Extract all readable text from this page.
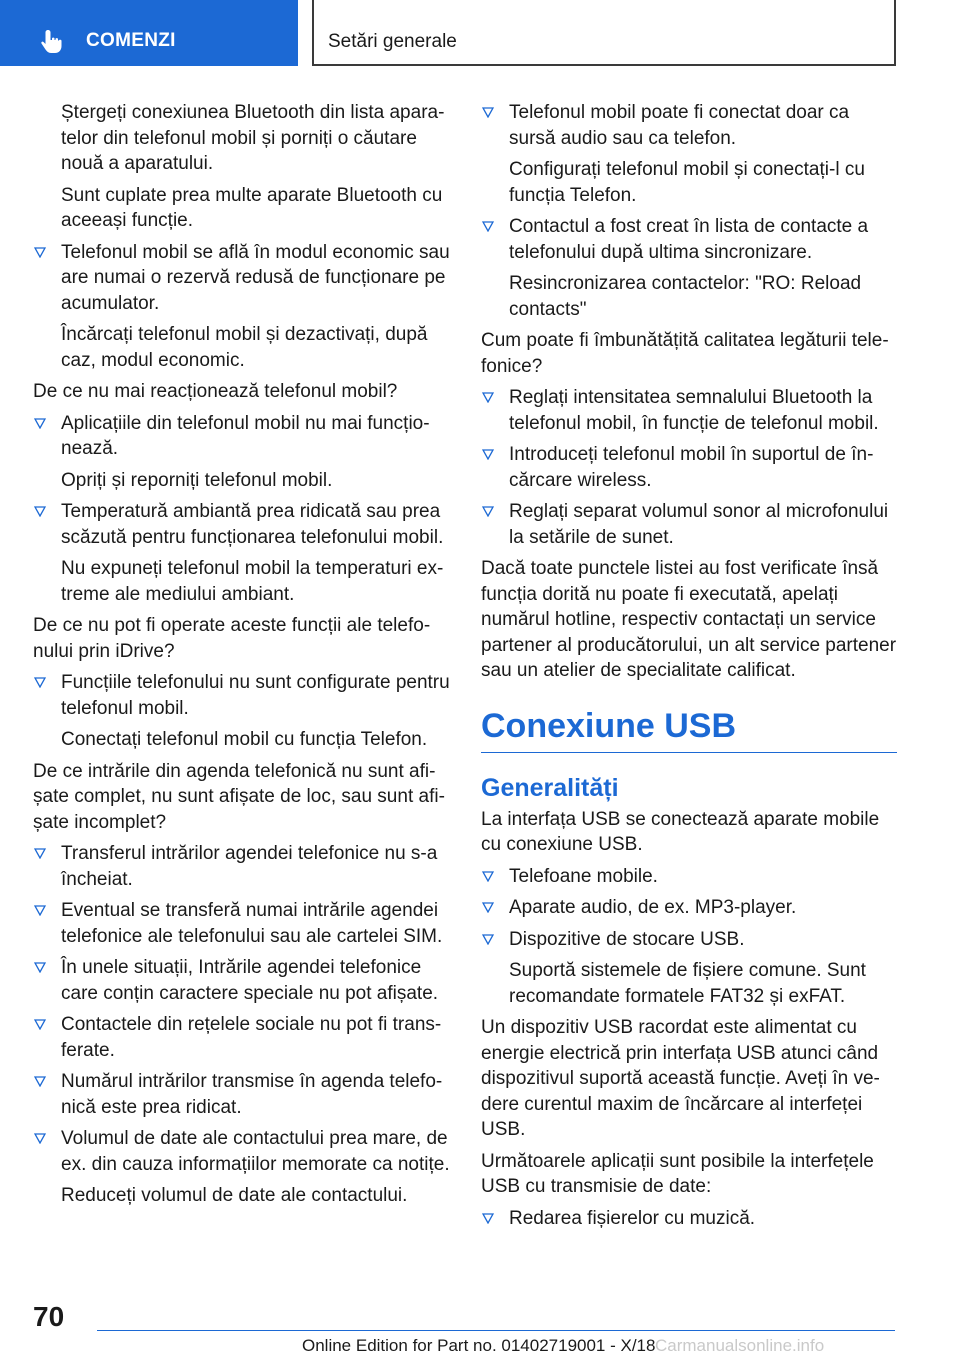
COMENZI	Setări generale
Ștergeți conexiunea Bluetooth din lista aparatelor din telefonul mobil și porniți o căutare nouă a aparatului.
Sunt cuplate prea multe aparate Bluetooth cu aceeași funcție.
Telefonul mobil se află în modul economic sau are numai o rezervă redusă de funcționare pe acumulator.
Încărcați telefonul mobil și dezactivați, după caz, modul economic.
De ce nu mai reacționează telefonul mobil?
Aplicațiile din telefonul mobil nu mai funcționează.
Opriți și reporniți telefonul mobil.
Temperatură ambiantă prea ridicată sau prea scăzută pentru funcționarea telefonului mobil.
Nu expuneți telefonul mobil la temperaturi extreme ale mediului ambiant.
De ce nu pot fi operate aceste funcții ale telefonului prin iDrive?
Funcțiile telefonului nu sunt configurate pentru telefonul mobil.
Conectați telefonul mobil cu funcția Telefon.
De ce intrările din agenda telefonică nu sunt afișate complet, nu sunt afișate de loc, sau sunt afișate incomplet?
Transferul intrărilor agendei telefonice nu s-a încheiat.
Eventual se transferă numai intrările agendei telefonice ale telefonului sau ale cartelei SIM.
În unele situații, Intrările agendei telefonice care conțin caractere speciale nu pot afișate.
Contactele din rețelele sociale nu pot fi transferate.
Numărul intrărilor transmise în agenda telefonică este prea ridicat.
Volumul de date ale contactului prea mare, de ex. din cauza informațiilor memorate ca notițe.
Reduceți volumul de date ale contactului.
Telefonul mobil poate fi conectat doar ca sursă audio sau ca telefon.
Configurați telefonul mobil și conectați-l cu funcția Telefon.
Contactul a fost creat în lista de contacte a telefonului după ultima sincronizare.
Resincronizarea contactelor: "RO: Reload contacts"
Cum poate fi îmbunătățită calitatea legăturii telefonice?
Reglați intensitatea semnalului Bluetooth la telefonul mobil, în funcție de telefonul mobil.
Introduceți telefonul mobil în suportul de încărcare wireless.
Reglați separat volumul sonor al microfonului la setările de sunet.
Dacă toate punctele listei au fost verificate însă funcția dorită nu poate fi executată, apelați numărul hotline, respectiv contactați un service partener al producătorului, un alt service partener sau un atelier de specialitate calificat.
Conexiune USB
Generalități
La interfața USB se conectează aparate mobile cu conexiune USB.
Telefoane mobile.
Aparate audio, de ex. MP3-player.
Dispozitive de stocare USB.
Suportă sistemele de fișiere comune. Sunt recomandate formatele FAT32 și exFAT.
Un dispozitiv USB racordat este alimentat cu energie electrică prin interfața USB atunci când dispozitivul suportă această funcție. Aveți în vedere curentul maxim de încărcare al interfeței USB.
Următoarele aplicații sunt posibile la interfețele USB cu transmisie de date:
Redarea fișierelor cu muzică.
70
Online Edition for Part no. 01402719001 - X/18 Carmanualsonline.info
